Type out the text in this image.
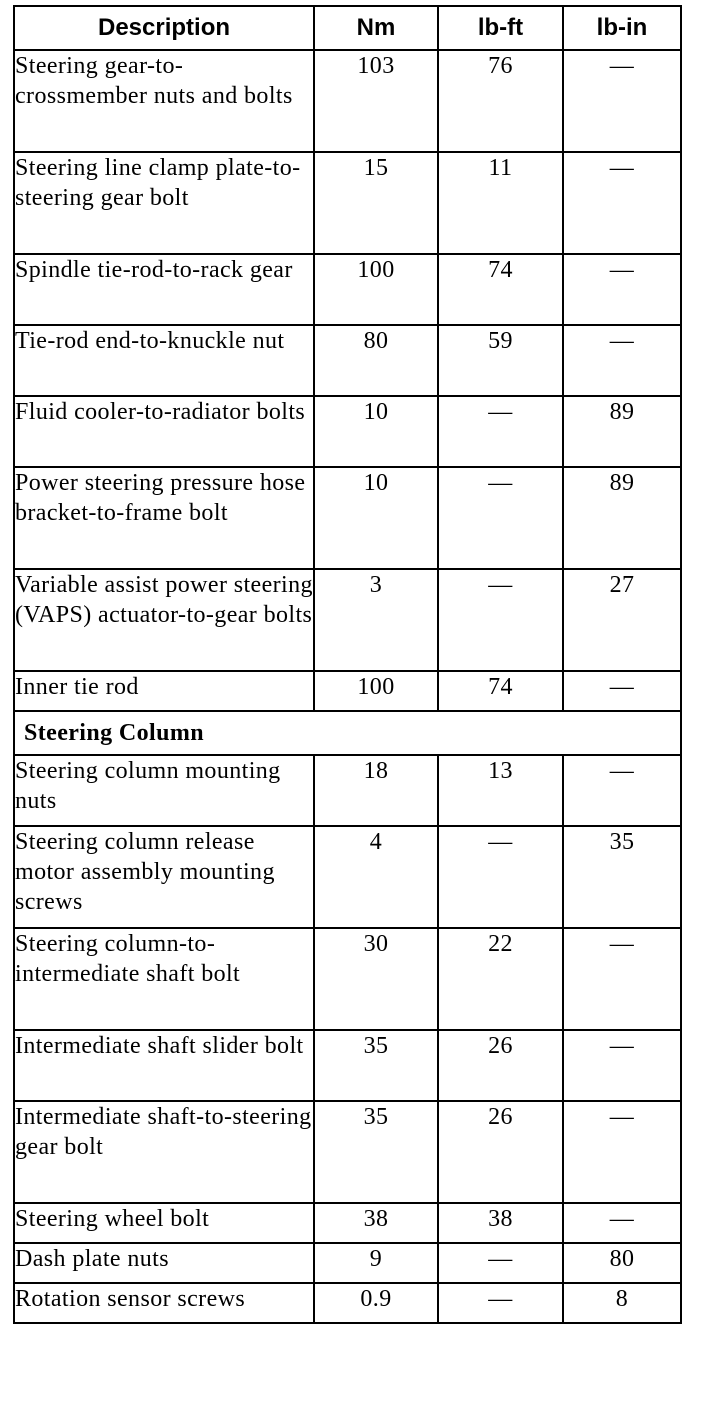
Description	Nm	lb-ft	lb-in
Steering gear-to-crossmember nuts and bolts	103	76	—
Steering line clamp plate-to-steering gear bolt	15	11	—
Spindle tie-rod-to-rack gear	100	74	—
Tie-rod end-to-knuckle nut	80	59	—
Fluid cooler-to-radiator bolts	10	—	89
Power steering pressure hose bracket-to-frame bolt	10	—	89
Variable assist power steering (VAPS) actuator-to-gear bolts	3	—	27
Inner tie rod	100	74	—
Steering Column			
Steering column mounting nuts	18	13	—
Steering column release motor assembly mounting screws	4	—	35
Steering column-to-intermediate shaft bolt	30	22	—
Intermediate shaft slider bolt	35	26	—
Intermediate shaft-to-steering gear bolt	35	26	—
Steering wheel bolt	38	38	—
Dash plate nuts	9	—	80
Rotation sensor screws	0.9	—	8
